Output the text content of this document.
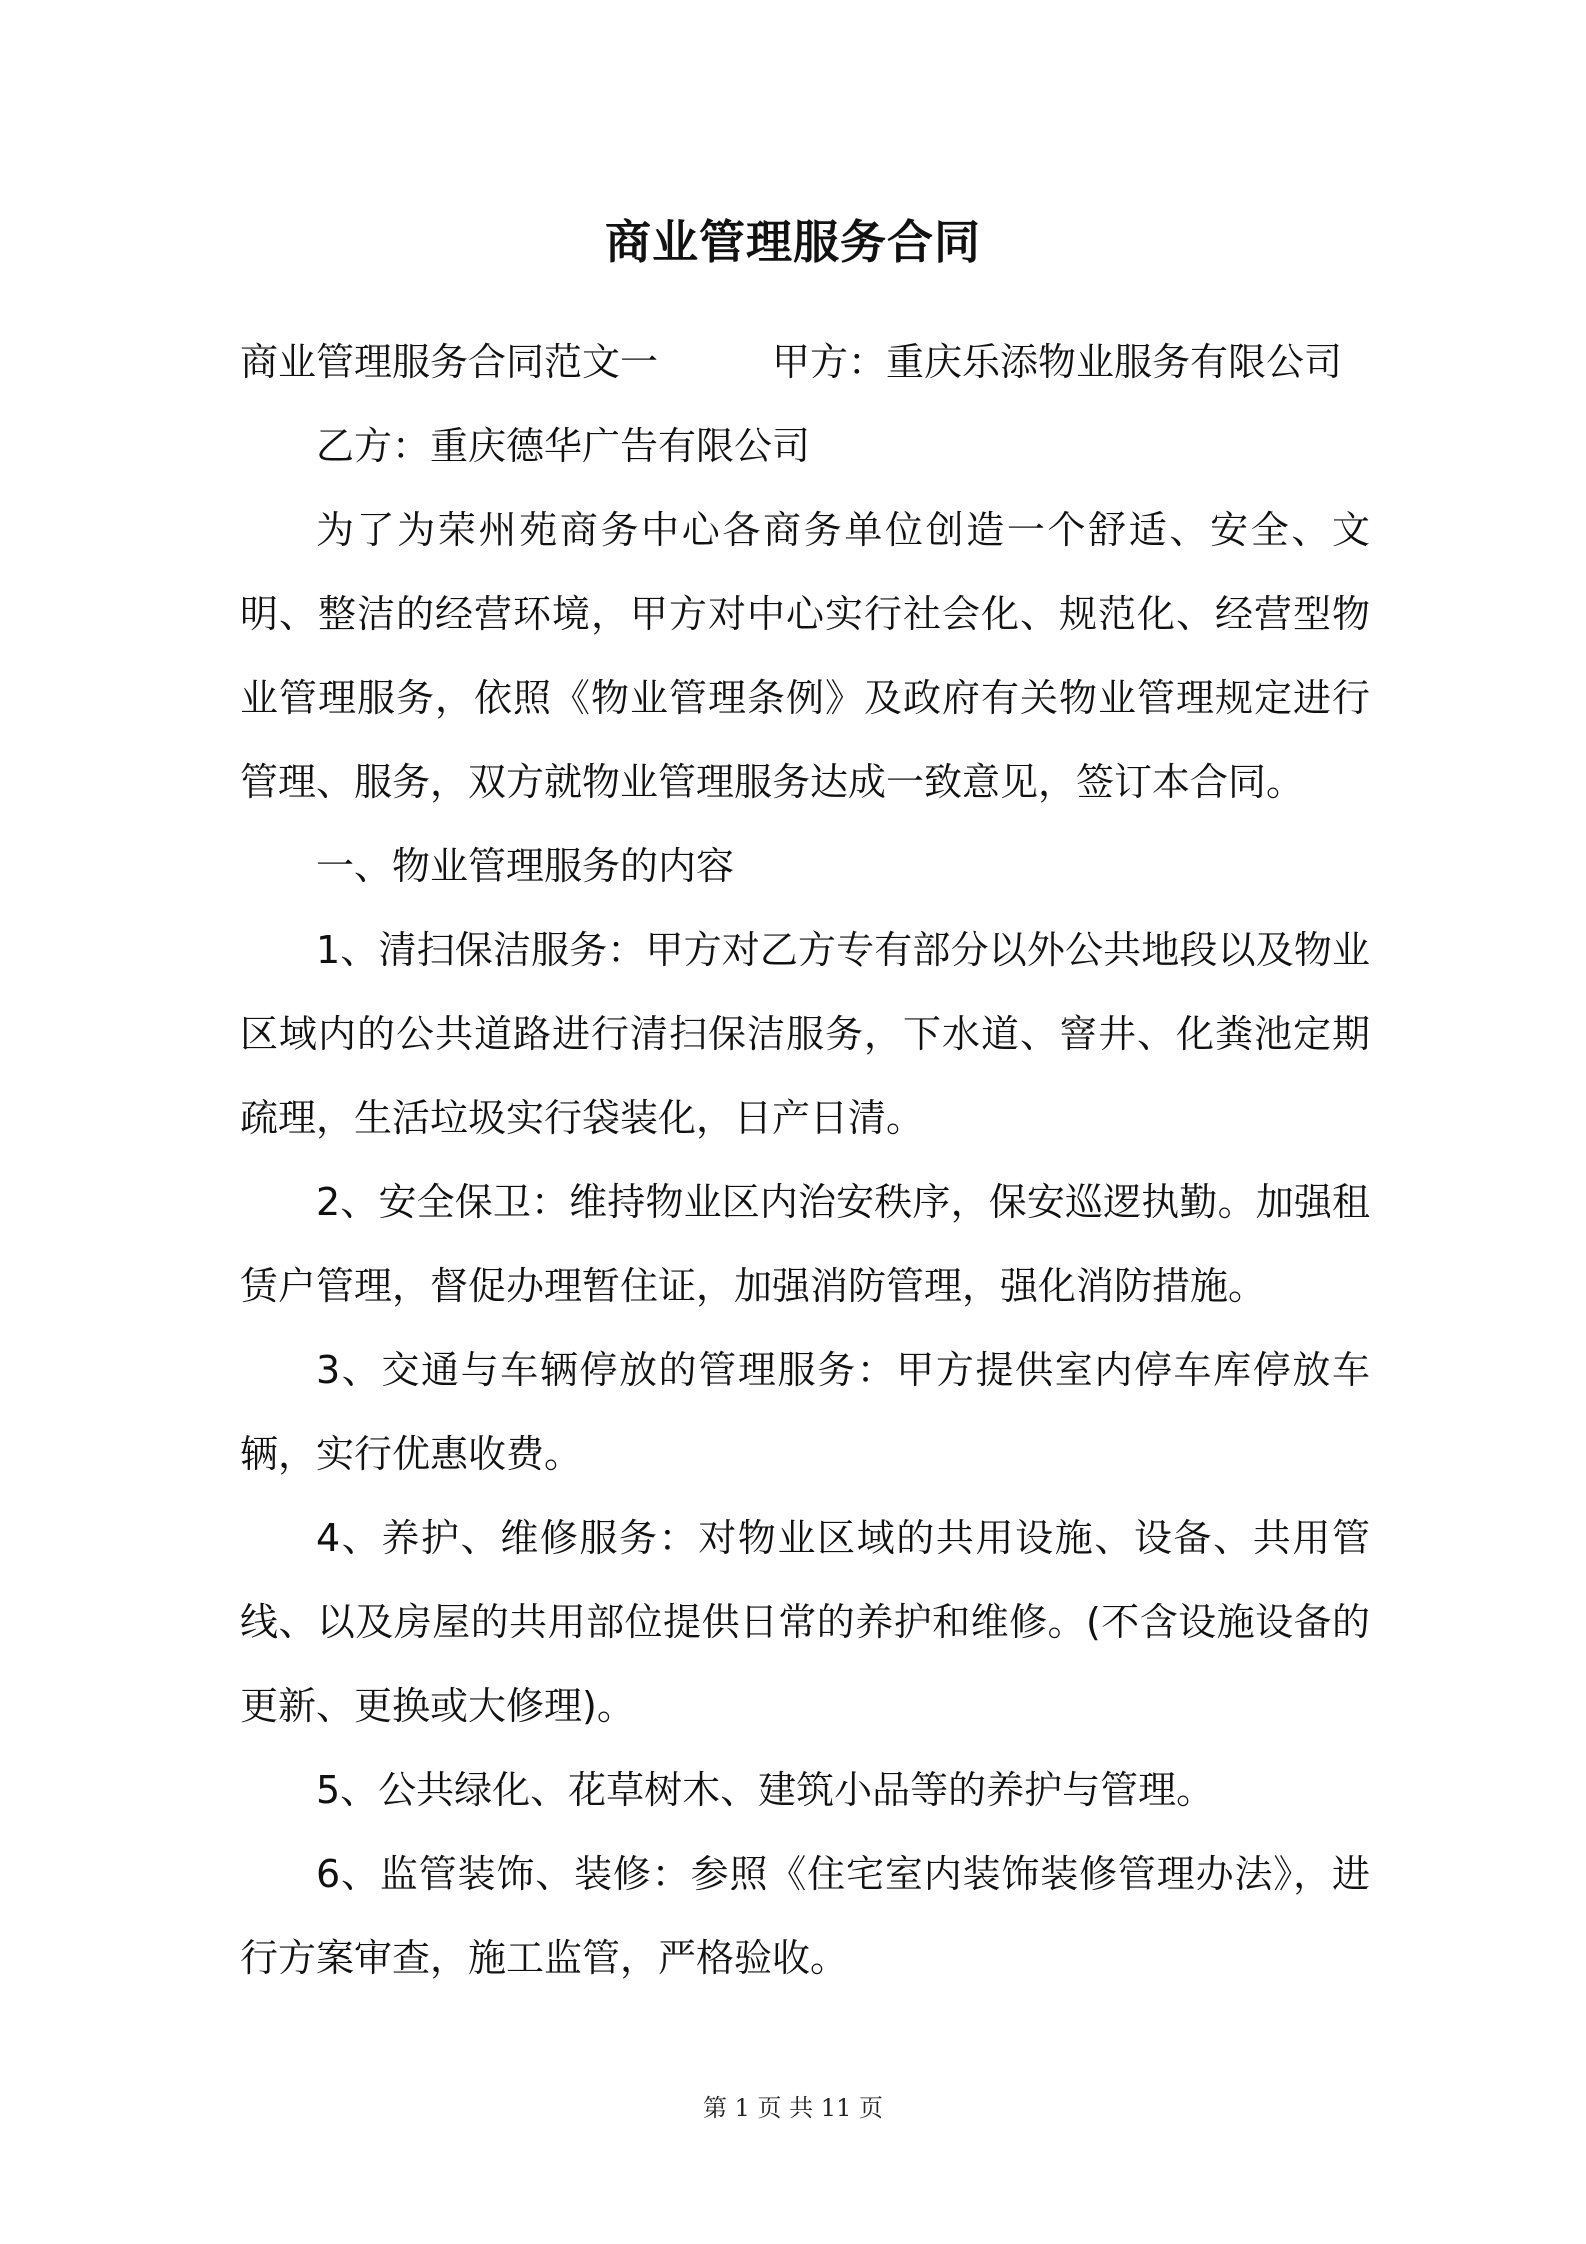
商业管理服务合同

商业管理服务合同范文一　　　甲方：重庆乐添物业服务有限公司

乙方：重庆德华广告有限公司

为了为荣州苑商务中心各商务单位创造一个舒适、安全、文明、整洁的经营环境，甲方对中心实行社会化、规范化、经营型物业管理服务，依照《物业管理条例》及政府有关物业管理规定进行管理、服务，双方就物业管理服务达成一致意见，签订本合同。

一、物业管理服务的内容

1、清扫保洁服务：甲方对乙方专有部分以外公共地段以及物业区域内的公共道路进行清扫保洁服务，下水道、窨井、化粪池定期疏理，生活垃圾实行袋装化，日产日清。

2、安全保卫：维持物业区内治安秩序，保安巡逻执勤。加强租赁户管理，督促办理暂住证，加强消防管理，强化消防措施。

3、交通与车辆停放的管理服务：甲方提供室内停车库停放车辆，实行优惠收费。

4、养护、维修服务：对物业区域的共用设施、设备、共用管线、以及房屋的共用部位提供日常的养护和维修。(不含设施设备的更新、更换或大修理)。

5、公共绿化、花草树木、建筑小品等的养护与管理。

6、监管装饰、装修：参照《住宅室内装饰装修管理办法》，进行方案审查，施工监管，严格验收。

第 1 页 共 11 页
